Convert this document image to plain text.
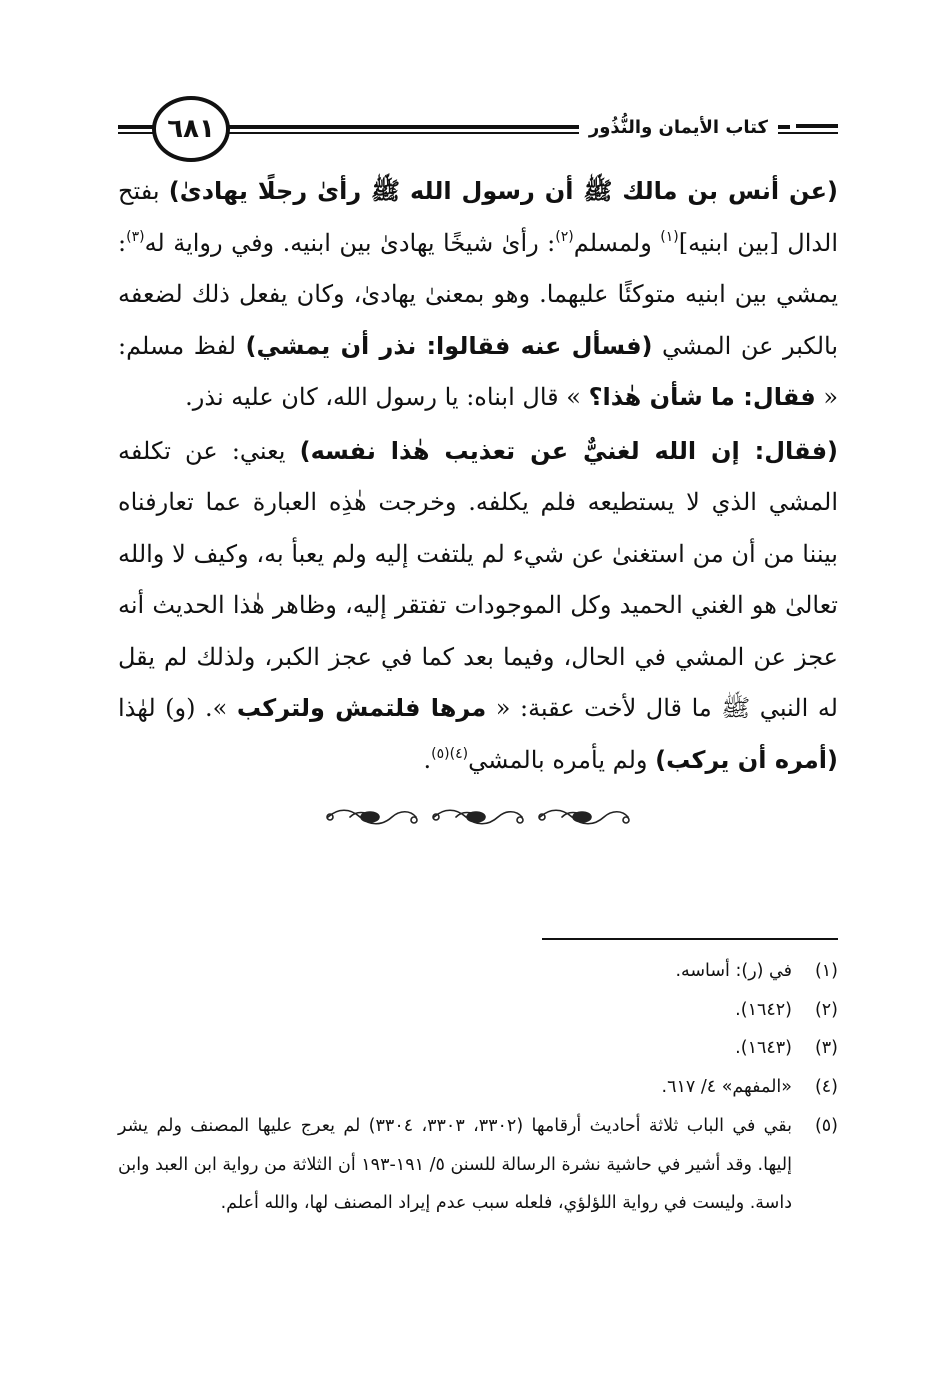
كتاب الأيمان والنُّذُور
٦٨١

(عن أنس بن مالك ﷺ أن رسول الله ﷺ رأىٰ رجلًا يهادىٰ) بفتح الدال [بين ابنيه]$^{(١)}$ ولمسلم$^{(٢)}$: رأىٰ شيخًا يهادىٰ بين ابنيه. وفي رواية له$^{(٣)}$: يمشي بين ابنيه متوكئًا عليهما. وهو بمعنىٰ يهادىٰ، وكان يفعل ذلك لضعفه بالكبر عن المشي (فسأل عنه فقالوا: نذر أن يمشي) لفظ مسلم: « فقال: ما شأن هٰذا؟ » قال ابناه: يا رسول الله، كان عليه نذر.

(فقال: إن الله لغنيٌّ عن تعذيب هٰذا نفسه) يعني: عن تكلفه المشي الذي لا يستطيعه فلم يكلفه. وخرجت هٰذِه العبارة عما تعارفناه بيننا من أن من استغنىٰ عن شيء لم يلتفت إليه ولم يعبأ به، وكيف لا والله تعالىٰ هو الغني الحميد وكل الموجودات تفتقر إليه، وظاهر هٰذا الحديث أنه عجز عن المشي في الحال، وفيما بعد كما في عجز الكبر، ولذلك لم يقل له النبي ﷺ ما قال لأخت عقبة: « مرها فلتمش ولتركب ». (و) لهٰذا (أمره أن يركب) ولم يأمره بالمشي$^{(٤)(٥)}$.

(١)
في (ر): أساسه.
(٢)
(١٦٤٢).
(٣)
(١٦٤٣).
(٤)
«المفهم» ٤/ ٦١٧.
(٥)
بقي في الباب ثلاثة أحاديث أرقامها (٣٣٠٢، ٣٣٠٣، ٣٣٠٤) لم يعرج عليها المصنف ولم يشر إليها. وقد أشير في حاشية نشرة الرسالة للسنن ٥/ ١٩١-١٩٣ أن الثلاثة من رواية ابن العبد وابن داسة. وليست في رواية اللؤلؤي، فلعله سبب عدم إيراد المصنف لها، والله أعلم.
